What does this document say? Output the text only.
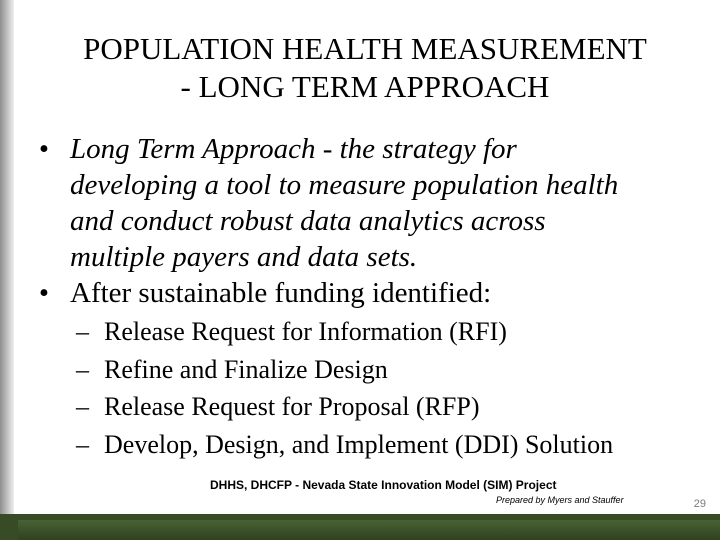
POPULATION HEALTH MEASUREMENT
- LONG TERM APPROACH
• Long Term Approach - the strategy for
developing a tool to measure population health
and conduct robust data analytics across
multiple payers and data sets.
• After sustainable funding identified:
– Release Request for Information (RFI)
– Refine and Finalize Design
– Release Request for Proposal (RFP)
– Develop, Design, and Implement (DDI) Solution
DHHS, DHCFP - Nevada State Innovation Model (SIM) Project
Prepared by Myers and Stauffer	29
